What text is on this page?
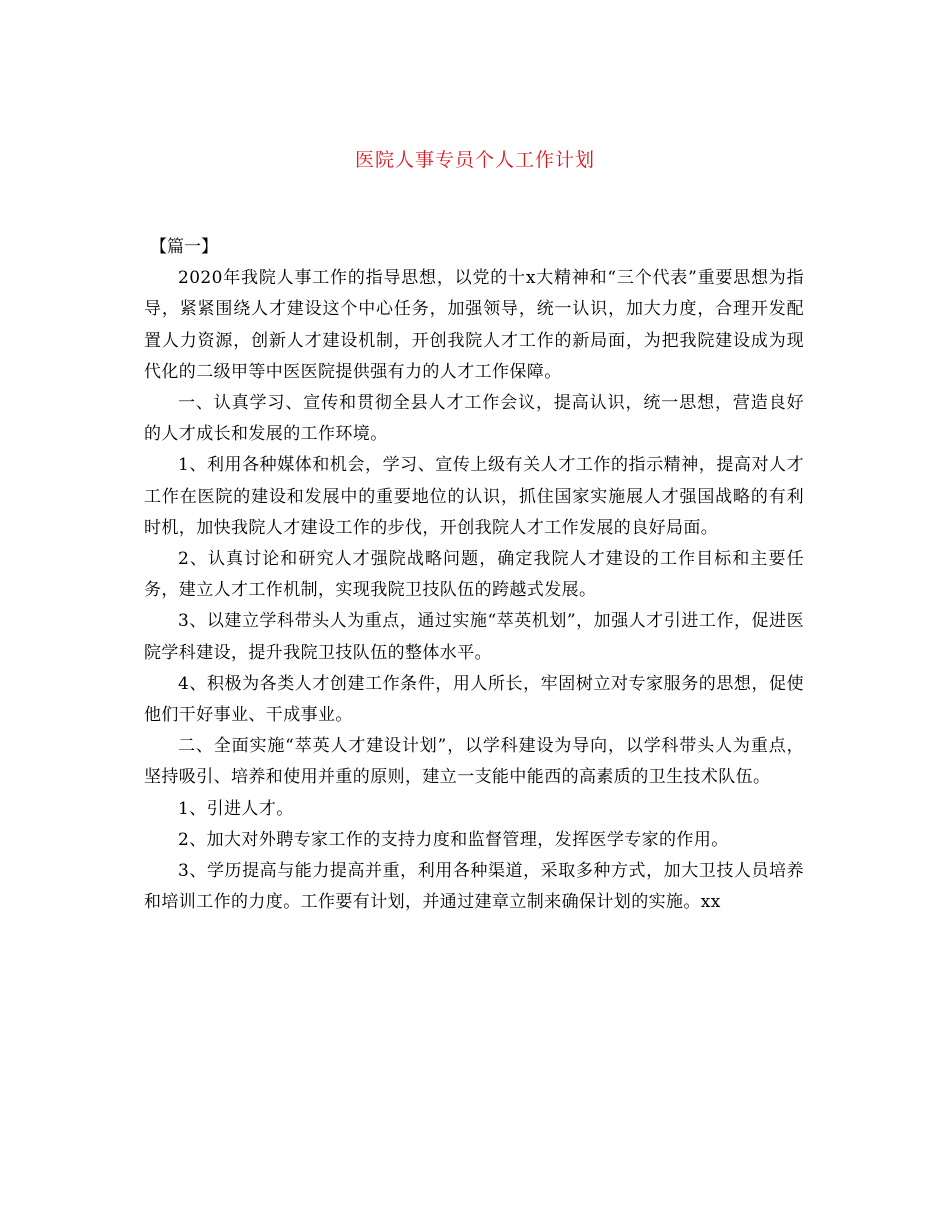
医院人事专员个人工作计划

【篇一】

2020年我院人事工作的指导思想，以党的十x大精神和“三个代表”重要思想为指导，紧紧围绕人才建设这个中心任务，加强领导，统一认识，加大力度，合理开发配置人力资源，创新人才建设机制，开创我院人才工作的新局面，为把我院建设成为现代化的二级甲等中医医院提供强有力的人才工作保障。

一、认真学习、宣传和贯彻全县人才工作会议，提高认识，统一思想，营造良好的人才成长和发展的工作环境。

1、利用各种媒体和机会，学习、宣传上级有关人才工作的指示精神，提高对人才工作在医院的建设和发展中的重要地位的认识，抓住国家实施展人才强国战略的有利时机，加快我院人才建设工作的步伐，开创我院人才工作发展的良好局面。

2、认真讨论和研究人才强院战略问题，确定我院人才建设的工作目标和主要任务，建立人才工作机制，实现我院卫技队伍的跨越式发展。

3、以建立学科带头人为重点，通过实施“萃英机划”，加强人才引进工作，促进医院学科建设，提升我院卫技队伍的整体水平。

4、积极为各类人才创建工作条件，用人所长，牢固树立对专家服务的思想，促使他们干好事业、干成事业。

二、全面实施“萃英人才建设计划”，以学科建设为导向，以学科带头人为重点，坚持吸引、培养和使用并重的原则，建立一支能中能西的高素质的卫生技术队伍。

1、引进人才。

2、加大对外聘专家工作的支持力度和监督管理，发挥医学专家的作用。

3、学历提高与能力提高并重，利用各种渠道，采取多种方式，加大卫技人员培养和培训工作的力度。工作要有计划，并通过建章立制来确保计划的实施。xx
